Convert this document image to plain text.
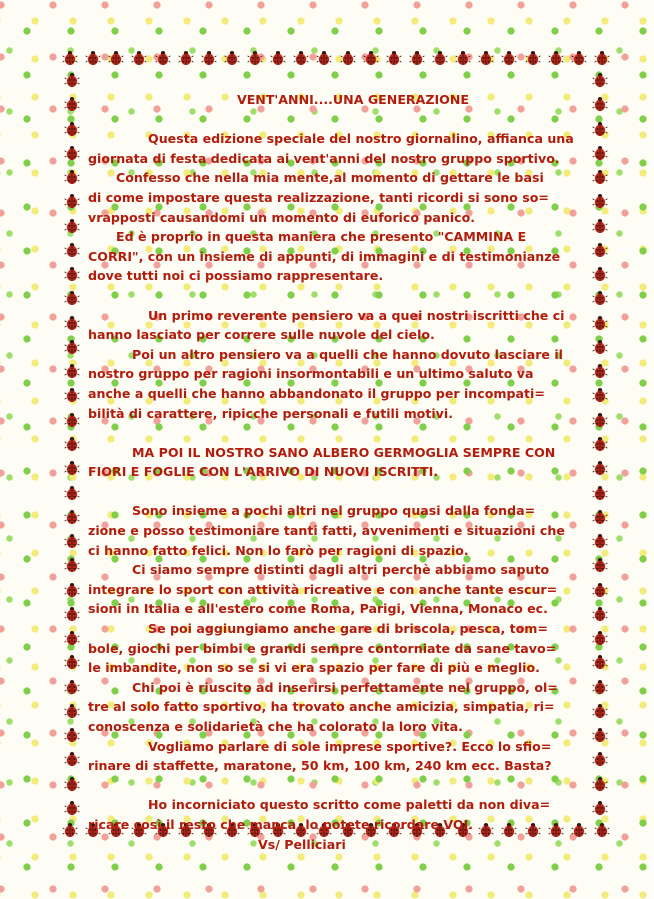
VENT'ANNI....UNA GENERAZIONE
Questa edizione speciale del nostro giornalino, affianca una
giornata di festa dedicata ai vent'anni del nostro gruppo sportivo.
Confesso che nella mia mente,al momento di gettare le basi
di come impostare questa realizzazione, tanti ricordi si sono so=
vrapposti causandomi un momento di euforico panico.
Ed è proprio in questa maniera che presento "CAMMINA E
CORRI", con un insieme di appunti, di immagini e di testimonianze
dove tutti noi ci possiamo rappresentare.
Un primo reverente pensiero va a quei nostri iscritti che ci
hanno lasciato per correre sulle nuvole del cielo.
Poi un altro pensiero va a quelli che hanno dovuto lasciare il
nostro gruppo per ragioni insormontabili e un ultimo saluto va
anche a quelli che hanno abbandonato il gruppo per incompati=
bilità di carattere, ripicche personali e futili motivi.
MA POI IL NOSTRO SANO ALBERO GERMOGLIA SEMPRE CON
FIORI E FOGLIE CON L'ARRIVO DI NUOVI ISCRITTI.
Sono insieme a pochi altri nel gruppo quasi dalla fonda=
zione e posso testimoniare tanti fatti, avvenimenti e situazioni che
ci hanno fatto felici. Non lo farò per ragioni di spazio.
Ci siamo sempre distinti dagli altri perchè abbiamo saputo
integrare lo sport con attività ricreative e con anche tante escur=
sioni in Italia e all'estero come Roma, Parigi, Vienna, Monaco ec.
Se poi aggiungiamo anche gare di briscola, pesca, tom=
bole, giochi per bimbi e grandi sempre contorniate da sane tavo=
le imbandite, non so se si vi era spazio per fare di più e meglio.
Chi poi è riuscito ad inserirsi perfettamente nel gruppo, ol=
tre al solo fatto sportivo, ha trovato anche amicizia, simpatia, ri=
conoscenza e solidarietà che ha colorato la loro vita.
Vogliamo parlare di sole imprese sportive?. Ecco lo sfio=
rinare di staffette, maratone, 50 km, 100 km, 240 km ecc. Basta?
Ho incorniciato questo scritto come paletti da non diva=
ricare così il resto che manca, lo potete ricordare VOI.
Vs/ Pelliciari
